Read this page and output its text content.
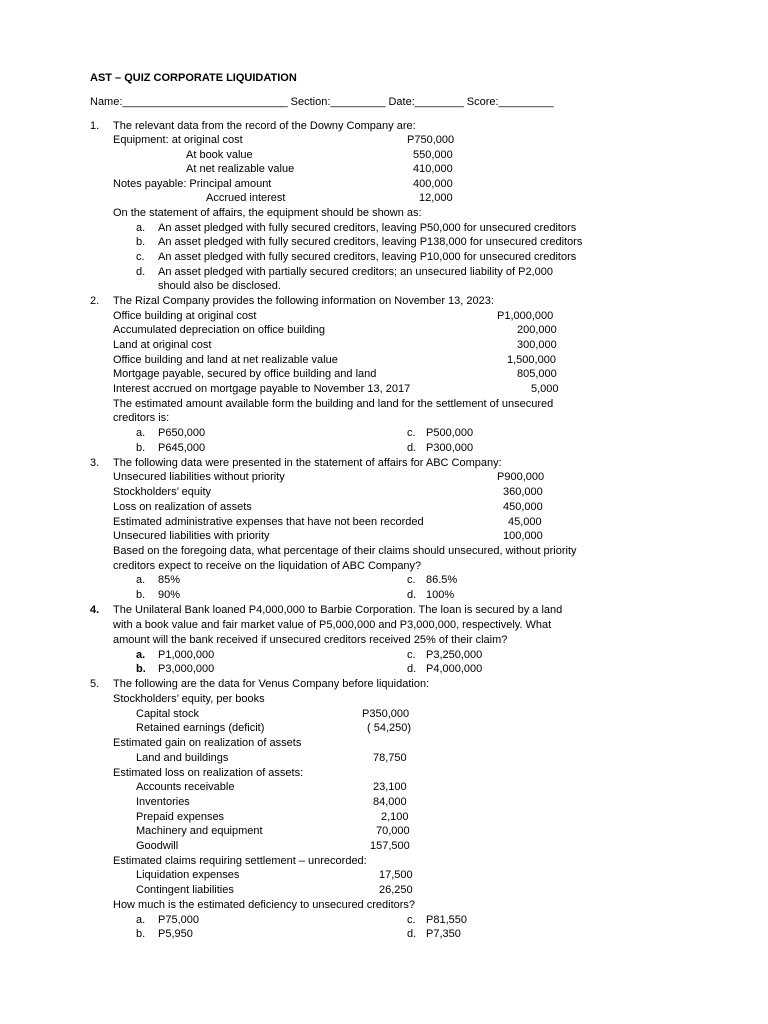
AST – QUIZ CORPORATE LIQUIDATION
Name:___________________________ Section:_________ Date:________ Score:_________
1. The relevant data from the record of the Downy Company are:
Equipment: at original cost	P750,000
At book value	550,000
At net realizable value	410,000
Notes payable: Principal amount	400,000
Accrued interest	12,000
On the statement of affairs, the equipment should be shown as:
a. An asset pledged with fully secured creditors, leaving P50,000 for unsecured creditors
b. An asset pledged with fully secured creditors, leaving P138,000 for unsecured creditors
c. An asset pledged with fully secured creditors, leaving P10,000 for unsecured creditors
d. An asset pledged with partially secured creditors; an unsecured liability of P2,000
should also be disclosed.
2. The Rizal Company provides the following information on November 13, 2023:
Office building at original cost	P1,000,000
Accumulated depreciation on office building	200,000
Land at original cost	300,000
Office building and land at net realizable value	1,500,000
Mortgage payable, secured by office building and land	805,000
Interest accrued on mortgage payable to November 13, 2017	5,000
The estimated amount available form the building and land for the settlement of unsecured
creditors is:
a. P650,000	c. P500,000
b. P645,000	d. P300,000
3. The following data were presented in the statement of affairs for ABC Company:
Unsecured liabilities without priority	P900,000
Stockholders’ equity	360,000
Loss on realization of assets	450,000
Estimated administrative expenses that have not been recorded	45,000
Unsecured liabilities with priority	100,000
Based on the foregoing data, what percentage of their claims should unsecured, without priority
creditors expect to receive on the liquidation of ABC Company?
a. 85%	c. 86.5%
b. 90%	d. 100%
4. The Unilateral Bank loaned P4,000,000 to Barbie Corporation. The loan is secured by a land
with a book value and fair market value of P5,000,000 and P3,000,000, respectively. What
amount will the bank received if unsecured creditors received 25% of their claim?
a. P1,000,000	c. P3,250,000
b. P3,000,000	d. P4,000,000
5. The following are the data for Venus Company before liquidation:
Stockholders’ equity, per books
Capital stock	P350,000
Retained earnings (deficit)	( 54,250)
Estimated gain on realization of assets
Land and buildings	78,750
Estimated loss on realization of assets:
Accounts receivable	23,100
Inventories	84,000
Prepaid expenses	2,100
Machinery and equipment	70,000
Goodwill	157,500
Estimated claims requiring settlement – unrecorded:
Liquidation expenses	17,500
Contingent liabilities	26,250
How much is the estimated deficiency to unsecured creditors?
a. P75,000	c. P81,550
b. P5,950	d. P7,350
